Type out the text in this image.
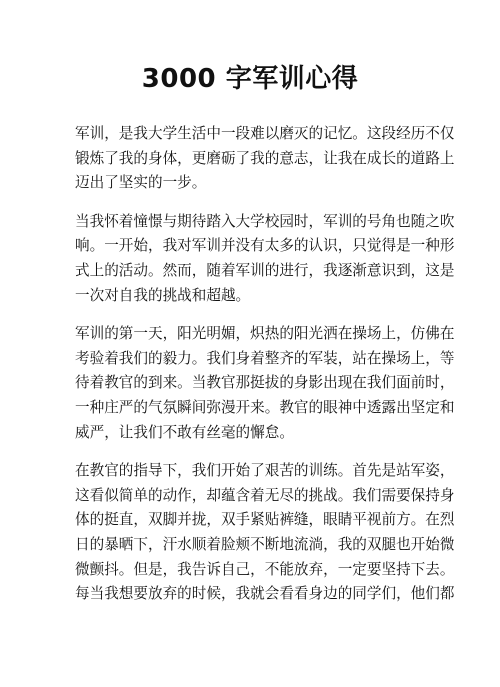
3000 字军训心得

军训，是我大学生活中一段难以磨灭的记忆。这段经历不仅
锻炼了我的身体，更磨砺了我的意志，让我在成长的道路上
迈出了坚实的一步。

当我怀着憧憬与期待踏入大学校园时，军训的号角也随之吹
响。一开始，我对军训并没有太多的认识，只觉得是一种形
式上的活动。然而，随着军训的进行，我逐渐意识到，这是
一次对自我的挑战和超越。

军训的第一天，阳光明媚，炽热的阳光洒在操场上，仿佛在
考验着我们的毅力。我们身着整齐的军装，站在操场上，等
待着教官的到来。当教官那挺拔的身影出现在我们面前时，
一种庄严的气氛瞬间弥漫开来。教官的眼神中透露出坚定和
威严，让我们不敢有丝毫的懈怠。

在教官的指导下，我们开始了艰苦的训练。首先是站军姿，
这看似简单的动作，却蕴含着无尽的挑战。我们需要保持身
体的挺直，双脚并拢，双手紧贴裤缝，眼睛平视前方。在烈
日的暴晒下，汗水顺着脸颊不断地流淌，我的双腿也开始微
微颤抖。但是，我告诉自己，不能放弃，一定要坚持下去。
每当我想要放弃的时候，我就会看看身边的同学们，他们都
